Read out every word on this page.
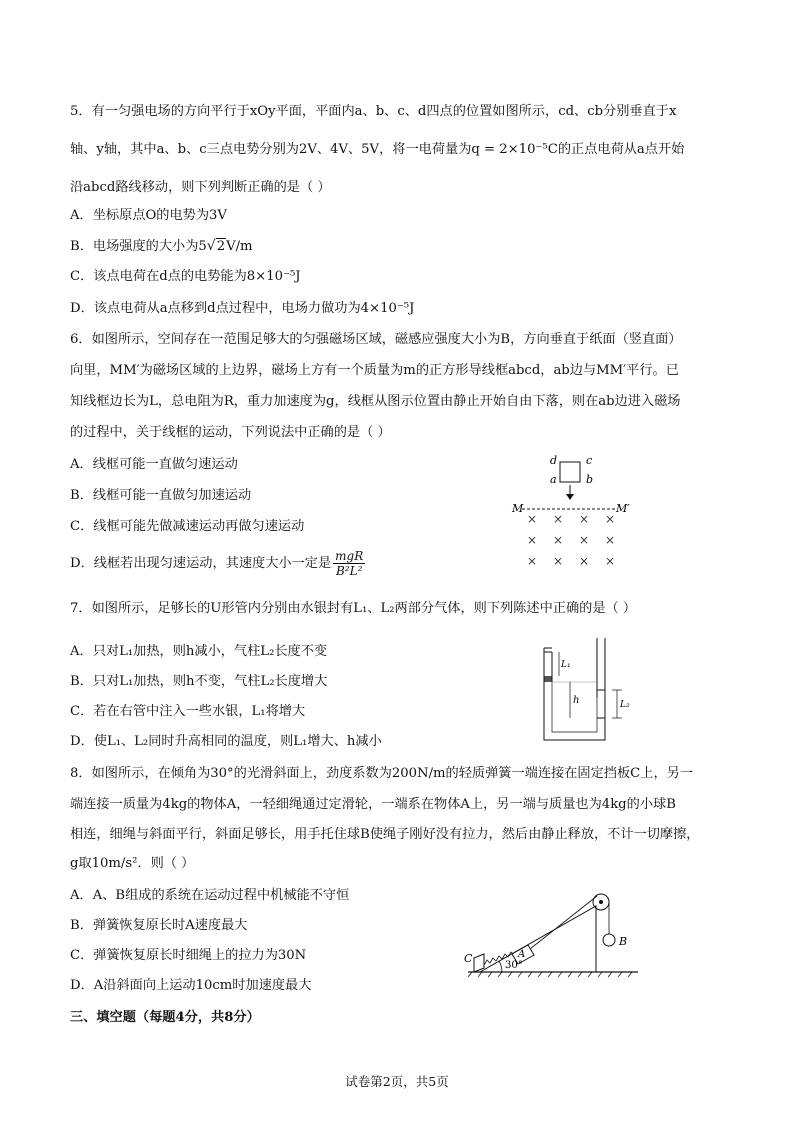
5．有一匀强电场的方向平行于xOy平面，平面内a、b、c、d四点的位置如图所示，cd、cb分别垂直于x
轴、y轴，其中a、b、c三点电势分别为2V、4V、5V，将一电荷量为q = 2×10⁻⁵C的正点电荷从a点开始
沿abcd路线移动，则下列判断正确的是（ ）
A．坐标原点O的电势为3V
B．电场强度的大小为5√2V/m
C．该点电荷在d点的电势能为8×10⁻⁵J
D．该点电荷从a点移到d点过程中，电场力做功为4×10⁻⁵J
6．如图所示，空间存在一范围足够大的匀强磁场区域，磁感应强度大小为B，方向垂直于纸面（竖直面）
向里，MM′为磁场区域的上边界，磁场上方有一个质量为m的正方形导线框abcd，ab边与MM′平行。已
知线框边长为L，总电阻为R，重力加速度为g，线框从图示位置由静止开始自由下落，则在ab边进入磁场
的过程中，关于线框的运动，下列说法中正确的是（ ）
A．线框可能一直做匀速运动
B．线框可能一直做匀加速运动
C．线框可能先做减速运动再做匀速运动
D．线框若出现匀速运动，其速度大小一定是 $\frac{\text{mgR}}{\text{B²L²}}$
d	c
a	b
M	M′
× × × ×
× × × ×
× × × ×
7．如图所示，足够长的U形管内分别由水银封有L₁、L₂两部分气体，则下列陈述中正确的是（ ）
A．只对L₁加热，则h减小，气柱L₂长度不变
B．只对L₁加热，则h不变，气柱L₂长度增大
C．若在右管中注入一些水银，L₁将增大
D．使L₁、L₂同时升高相同的温度，则L₁增大、h减小
L₁
h	L₂
8．如图所示，在倾角为30°的光滑斜面上，劲度系数为200N/m的轻质弹簧一端连接在固定挡板C上，另一
端连接一质量为4kg的物体A，一轻细绳通过定滑轮，一端系在物体A上，另一端与质量也为4kg的小球B
相连，细绳与斜面平行，斜面足够长，用手托住球B使绳子刚好没有拉力，然后由静止释放，不计一切摩擦，
g取10m/s²．则（ ）
A．A、B组成的系统在运动过程中机械能不守恒
B．弹簧恢复原长时A速度最大
C．弹簧恢复原长时细绳上的拉力为30N
D．A沿斜面向上运动10cm时加速度最大
C	A
B
30°
三、填空题（每题4分，共8分）
试卷第2页，共5页
